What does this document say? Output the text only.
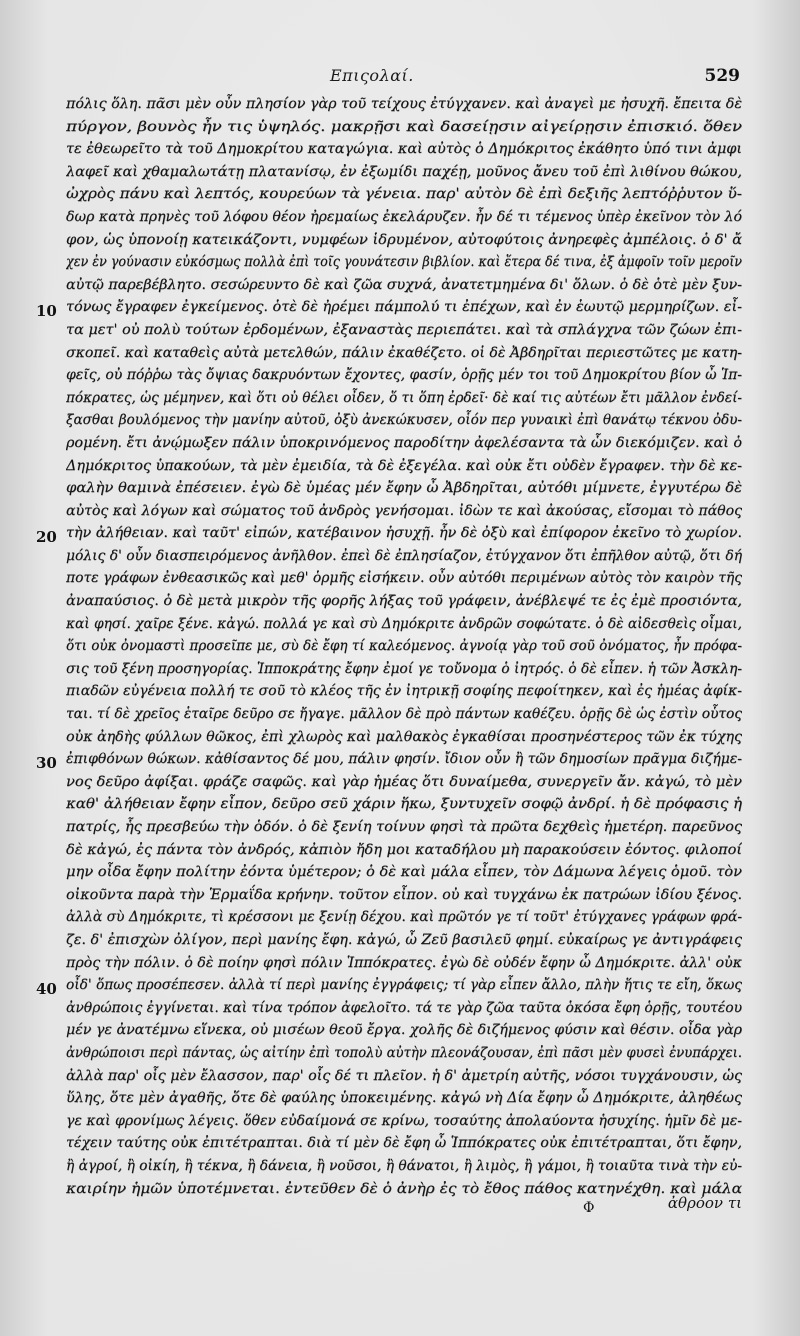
Επιςολαί.	529
10
20
30
40
πόλις ὅλη. πᾶσι μὲν οὖν πλησίον γὰρ τοῦ τείχους ἐτύγχανεν. καὶ ἀναγεὶ με ἠσυχῆ. ἔπειτα δὲ
πύργον, βουνὸς ἦν τις ὑψηλός. μακρῇσι καὶ δασείῃσιν αἰγείρῃσιν ἐπισκιό. ὅθεν
τε ἐθεωρεῖτο τὰ τοῦ Δημοκρίτου καταγώγια. καὶ αὐτὸς ὁ Δημόκριτος ἐκάθητο ὑπό τινι ἀμφι
λαφεῖ καὶ χθαμαλωτάτῃ πλατανίσῳ, ἐν ἐξωμίδι παχέῃ, μοῦνος ἄνευ τοῦ ἐπὶ λιθίνου θώκου,
ὠχρὸς πάνυ καὶ λεπτός, κουρεύων τὰ γένεια. παρ' αὐτὸν δὲ ἐπὶ δεξιῆς λεπτόῤῥυτον ὕ-
δωρ κατὰ πρηνὲς τοῦ λόφου θέον ἠρεμαίως ἐκελάρυζεν. ἦν δέ τι τέμενος ὑπὲρ ἐκεῖνον τὸν λό
φον, ὡς ὑπονοίῃ κατεικάζοντι, νυμφέων ἱδρυμένον, αὐτοφύτοις ἀνηρεφὲς ἀμπέλοις. ὁ δ' ἄ
χεν ἐν γούνασιν εὐκόσμως πολλὰ ἐπὶ τοῖς γουνάτεσιν βιβλίον. καὶ ἕτερα δέ τινα, ἐξ ἀμφοῖν τοῖν μεροῖν
αὐτῷ παρεβέβλητο. σεσώρευντο δὲ καὶ ζῶα συχνά, ἀνατετμημένα δι' ὅλων. ὁ δὲ ὁτὲ μὲν ξυν-
τόνως ἔγραφεν ἐγκείμενος. ὁτὲ δὲ ἠρέμει πάμπολύ τι ἐπέχων, καὶ ἐν ἑωυτῷ μερμηρίζων. εἶ-
τα μετ' οὐ πολὺ τούτων ἐρδομένων, ἐξαναστὰς περιεπάτει. καὶ τὰ σπλάγχνα τῶν ζώων ἐπι-
σκοπεῖ. καὶ καταθεὶς αὐτὰ μετελθών, πάλιν ἐκαθέζετο. οἱ δὲ Ἀβδηρῖται περιεστῶτες με κατη-
φεῖς, οὐ πόῤῥω τὰς ὄψιας δακρυόντων ἔχοντες, φασίν, ὁρῇς μέν τοι τοῦ Δημοκρίτου βίον ὦ Ἱπ-
πόκρατες, ὡς μέμηνεν, καὶ ὅτι οὐ θέλει οἶδεν, ὅ τι ὅπη ἐρδεῖ· δὲ καί τις αὐτέων ἔτι μᾶλλον ἐνδεί-
ξασθαι βουλόμενος τὴν μανίην αὐτοῦ, ὀξὺ ἀνεκώκυσεν, οἷόν περ γυναικὶ ἐπὶ θανάτῳ τέκνου ὀδυ-
ρομένη. ἔτι ἀνῴμωξεν πάλιν ὑποκρινόμενος παροδίτην ἀφελέσαντα τὰ ὧν διεκόμιζεν. καὶ ὁ
Δημόκριτος ὑπακούων, τὰ μὲν ἐμειδία, τὰ δὲ ἐξεγέλα. καὶ οὐκ ἔτι οὐδὲν ἔγραφεν. τὴν δὲ κε-
φαλὴν θαμινὰ ἐπέσειεν. ἐγὼ δὲ ὑμέας μέν ἔφην ὦ Ἀβδηρῖται, αὐτόθι μίμνετε, ἐγγυτέρω δὲ
αὐτὸς καὶ λόγων καὶ σώματος τοῦ ἀνδρὸς γενήσομαι. ἰδὼν τε καὶ ἀκούσας, εἴσομαι τὸ πάθος
τὴν ἀλήθειαν. καὶ ταῦτ' εἰπών, κατέβαινον ἡσυχῇ. ἦν δὲ ὀξὺ καὶ ἐπίφορον ἐκεῖνο τὸ χωρίον.
μόλις δ' οὖν διασπειρόμενος ἀνῆλθον. ἐπεὶ δὲ ἐπλησίαζον, ἐτύγχανον ὅτι ἐπῆλθον αὐτῷ, ὅτι δή
ποτε γράφων ἐνθεασικῶς καὶ μεθ' ὁρμῆς εἰσήκειν. οὖν αὐτόθι περιμένων αὐτὸς τὸν καιρὸν τῆς
ἀναπαύσιος. ὁ δὲ μετὰ μικρὸν τῆς φορῆς λήξας τοῦ γράφειν, ἀνέβλεψέ τε ἐς ἐμὲ προσιόντα,
καὶ φησί. χαῖρε ξένε. κἀγώ. πολλά γε καὶ σὺ Δημόκριτε ἀνδρῶν σοφώτατε. ὁ δὲ αἰδεσθεὶς οἶμαι,
ὅτι οὐκ ὀνομαστὶ προσεῖπε με, σὺ δὲ ἔφη τί καλεόμενος. ἀγνοίᾳ γὰρ τοῦ σοῦ ὀνόματος, ἦν πρόφα-
σις τοῦ ξένη προσηγορίας. Ἱπποκράτης ἔφην ἐμοί γε τοὔνομα ὁ ἰητρός. ὁ δὲ εἶπεν. ἡ τῶν Ἀσκλη-
πιαδῶν εὐγένεια πολλή τε σοῦ τὸ κλέος τῆς ἐν ἰητρικῇ σοφίης πεφοίτηκεν, καὶ ἐς ἡμέας ἀφίκ-
ται. τί δὲ χρεῖος ἑταῖρε δεῦρο σε ἤγαγε. μᾶλλον δὲ πρὸ πάντων καθέζευ. ὁρῇς δὲ ὡς ἐστὶν οὗτος
οὐκ ἀηδὴς φύλλων θῶκος, ἐπὶ χλωρὸς καὶ μαλθακὸς ἐγκαθίσαι προσηνέστερος τῶν ἐκ τύχης
ἐπιφθόνων θώκων. κἀθίσαντος δέ μου, πάλιν φησίν. ἴδιον οὖν ἢ τῶν δημοσίων πρᾶγμα διζήμε-
νος δεῦρο ἀφίξαι. φράζε σαφῶς. καὶ γὰρ ἡμέας ὅτι δυναίμεθα, συνεργεῖν ἄν. κἀγώ, τὸ μὲν
καθ' ἀλήθειαν ἔφην εἶπον, δεῦρο σεῦ χάριν ἥκω, ξυντυχεῖν σοφῷ ἀνδρί. ἡ δὲ πρόφασις ἡ
πατρίς, ἧς πρεσβεύω τὴν ὁδόν. ὁ δὲ ξενίη τοίνυν φησὶ τὰ πρῶτα δεχθεὶς ἡμετέρη. παρεῦνος
δὲ κἀγώ, ἐς πάντα τὸν ἀνδρός, κἀπιὸν ἤδη μοι καταδήλου μὴ παρακούσειν ἐόντος. φιλοποί
μην οἶδα ἔφην πολίτην ἐόντα ὑμέτερον; ὁ δὲ καὶ μάλα εἶπεν, τὸν Δάμωνα λέγεις ὁμοῦ. τὸν
οἰκοῦντα παρὰ τὴν Ἑρμαΐδα κρήνην. τοῦτον εἶπον. οὐ καὶ τυγχάνω ἐκ πατρώων ἰδίου ξένος.
ἀλλὰ σὺ Δημόκριτε, τὶ κρέσσονι με ξενίῃ δέχου. καὶ πρῶτόν γε τί τοῦτ' ἐτύγχανες γράφων φρά-
ζε. δ' ἐπισχὼν ὀλίγον, περὶ μανίης ἔφη. κἀγώ, ὦ Ζεῦ βασιλεῦ φημί. εὐκαίρως γε ἀντιγράφεις
πρὸς τὴν πόλιν. ὁ δὲ ποίην φησὶ πόλιν Ἱππόκρατες. ἐγὼ δὲ οὐδέν ἔφην ὦ Δημόκριτε. ἀλλ' οὐκ
οἶδ' ὅπως προσέπεσεν. ἀλλὰ τί περὶ μανίης ἐγγράφεις; τί γὰρ εἶπεν ἄλλο, πλὴν ἥτις τε εἴη, ὅκως
ἀνθρώποις ἐγγίνεται. καὶ τίνα τρόπον ἀφελοῖτο. τά τε γὰρ ζῶα ταῦτα ὁκόσα ἔφη ὁρῇς, τουτέου
μέν γε ἀνατέμνω εἵνεκα, οὐ μισέων θεοῦ ἔργα. χολῆς δὲ διζήμενος φύσιν καὶ θέσιν. οἶδα γὰρ
ἀνθρώποισι περὶ πάντας, ὡς αἰτίην ἐπὶ τοπολὺ αὐτὴν πλεονάζουσαν, ἐπὶ πᾶσι μὲν φυσεὶ ἐνυπάρχει.
ἀλλὰ παρ' οἷς μὲν ἔλασσον, παρ' οἷς δέ τι πλεῖον. ἡ δ' ἀμετρίη αὐτῆς, νόσοι τυγχάνουσιν, ὡς
ὕλης, ὅτε μὲν ἀγαθῆς, ὅτε δὲ φαύλης ὑποκειμένης. κἀγώ νὴ Δία ἔφην ὦ Δημόκριτε, ἀληθέως
γε καὶ φρονίμως λέγεις. ὅθεν εὐδαίμονά σε κρίνω, τοσαύτης ἀπολαύοντα ἡσυχίης. ἡμῖν δὲ με-
τέχειν ταύτης οὐκ ἐπιτέτραπται. διὰ τί μὲν δὲ ἔφη ὦ Ἱππόκρατες οὐκ ἐπιτέτραπται, ὅτι ἔφην,
ἢ ἀγροί, ἢ οἰκίη, ἢ τέκνα, ἢ δάνεια, ἢ νοῦσοι, ἢ θάνατοι, ἢ λιμὸς, ἢ γάμοι, ἢ τοιαῦτα τινὰ τὴν εὐ-
καιρίην ἡμῶν ὑποτέμνεται. ἐντεῦθεν δὲ ὁ ἀνὴρ ἐς τὸ ἔθος πάθος κατηνέχθη. καὶ μάλα
Φ	ἀθρόον τι
